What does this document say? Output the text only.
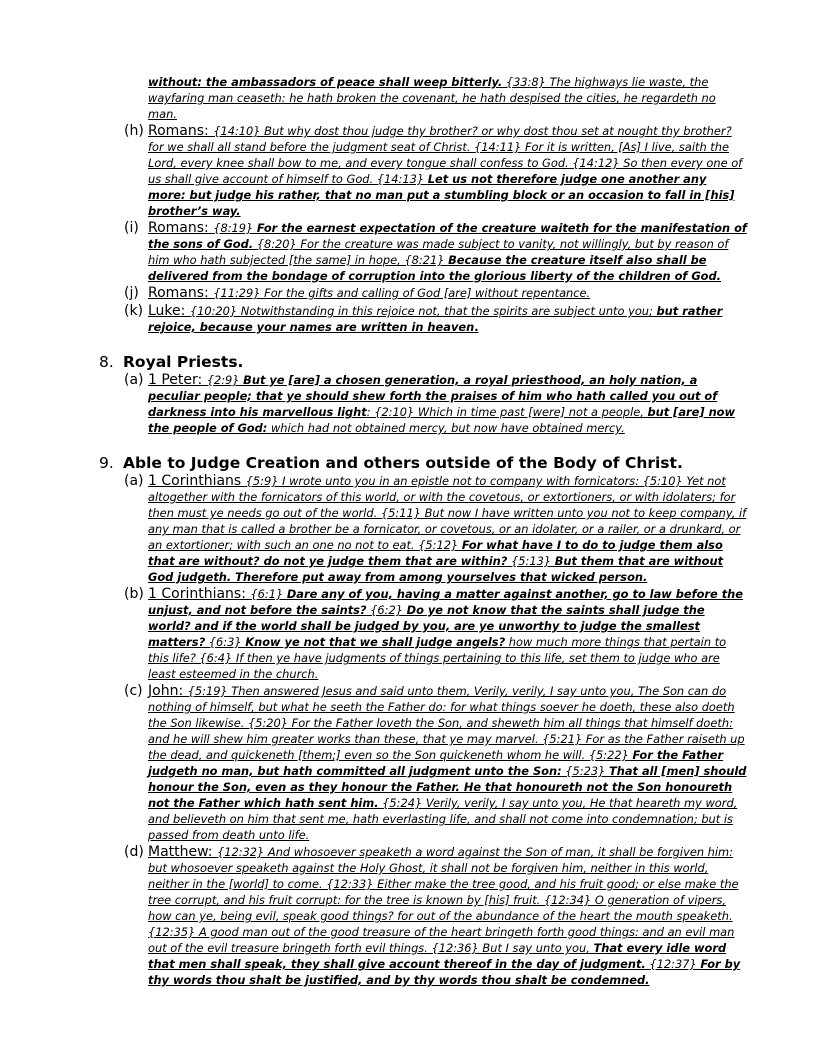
without: the ambassadors of peace shall weep bitterly. {33:8} The highways lie waste, the wayfaring man ceaseth: he hath broken the covenant, he hath despised the cities, he regardeth no man.
(h) Romans: {14:10} But why dost thou judge thy brother? or why dost thou set at nought thy brother? for we shall all stand before the judgment seat of Christ. {14:11} For it is written, [As] I live, saith the Lord, every knee shall bow to me, and every tongue shall confess to God. {14:12} So then every one of us shall give account of himself to God. {14:13} Let us not therefore judge one another any more: but judge his rather, that no man put a stumbling block or an occasion to fall in [his] brother’s way.
(i) Romans: {8:19} For the earnest expectation of the creature waiteth for the manifestation of the sons of God. {8:20} For the creature was made subject to vanity, not willingly, but by reason of him who hath subjected [the same] in hope, {8:21} Because the creature itself also shall be delivered from the bondage of corruption into the glorious liberty of the children of God.
(j) Romans: {11:29} For the gifts and calling of God [are] without repentance.
(k) Luke: {10:20} Notwithstanding in this rejoice not, that the spirits are subject unto you; but rather rejoice, because your names are written in heaven.
8. Royal Priests.
(a) 1 Peter: {2:9} But ye [are] a chosen generation, a royal priesthood, an holy nation, a peculiar people; that ye should shew forth the praises of him who hath called you out of darkness into his marvellous light: {2:10} Which in time past [were] not a people, but [are] now the people of God: which had not obtained mercy, but now have obtained mercy.
9. Able to Judge Creation and others outside of the Body of Christ.
(a) 1 Corinthians {5:9} I wrote unto you in an epistle not to company with fornicators: {5:10} Yet not altogether with the fornicators of this world, or with the covetous, or extortioners, or with idolaters; for then must ye needs go out of the world. {5:11} But now I have written unto you not to keep company, if any man that is called a brother be a fornicator, or covetous, or an idolater, or a railer, or a drunkard, or an extortioner; with such an one no not to eat. {5:12} For what have I to do to judge them also that are without? do not ye judge them that are within? {5:13} But them that are without God judgeth. Therefore put away from among yourselves that wicked person.
(b) 1 Corinthians: {6:1} Dare any of you, having a matter against another, go to law before the unjust, and not before the saints? {6:2} Do ye not know that the saints shall judge the world? and if the world shall be judged by you, are ye unworthy to judge the smallest matters? {6:3} Know ye not that we shall judge angels? how much more things that pertain to this life? {6:4} If then ye have judgments of things pertaining to this life, set them to judge who are least esteemed in the church.
(c) John: {5:19} Then answered Jesus and said unto them, Verily, verily, I say unto you, The Son can do nothing of himself, but what he seeth the Father do: for what things soever he doeth, these also doeth the Son likewise. {5:20} For the Father loveth the Son, and sheweth him all things that himself doeth: and he will shew him greater works than these, that ye may marvel. {5:21} For as the Father raiseth up the dead, and quickeneth [them;] even so the Son quickeneth whom he will. {5:22} For the Father judgeth no man, but hath committed all judgment unto the Son: {5:23} That all [men] should honour the Son, even as they honour the Father. He that honoureth not the Son honoureth not the Father which hath sent him. {5:24} Verily, verily, I say unto you, He that heareth my word, and believeth on him that sent me, hath everlasting life, and shall not come into condemnation; but is passed from death unto life.
(d) Matthew: {12:32} And whosoever speaketh a word against the Son of man, it shall be forgiven him: but whosoever speaketh against the Holy Ghost, it shall not be forgiven him, neither in this world, neither in the [world] to come. {12:33} Either make the tree good, and his fruit good; or else make the tree corrupt, and his fruit corrupt: for the tree is known by [his] fruit. {12:34} O generation of vipers, how can ye, being evil, speak good things? for out of the abundance of the heart the mouth speaketh. {12:35} A good man out of the good treasure of the heart bringeth forth good things: and an evil man out of the evil treasure bringeth forth evil things. {12:36} But I say unto you, That every idle word that men shall speak, they shall give account thereof in the day of judgment. {12:37} For by thy words thou shalt be justified, and by thy words thou shalt be condemned.
